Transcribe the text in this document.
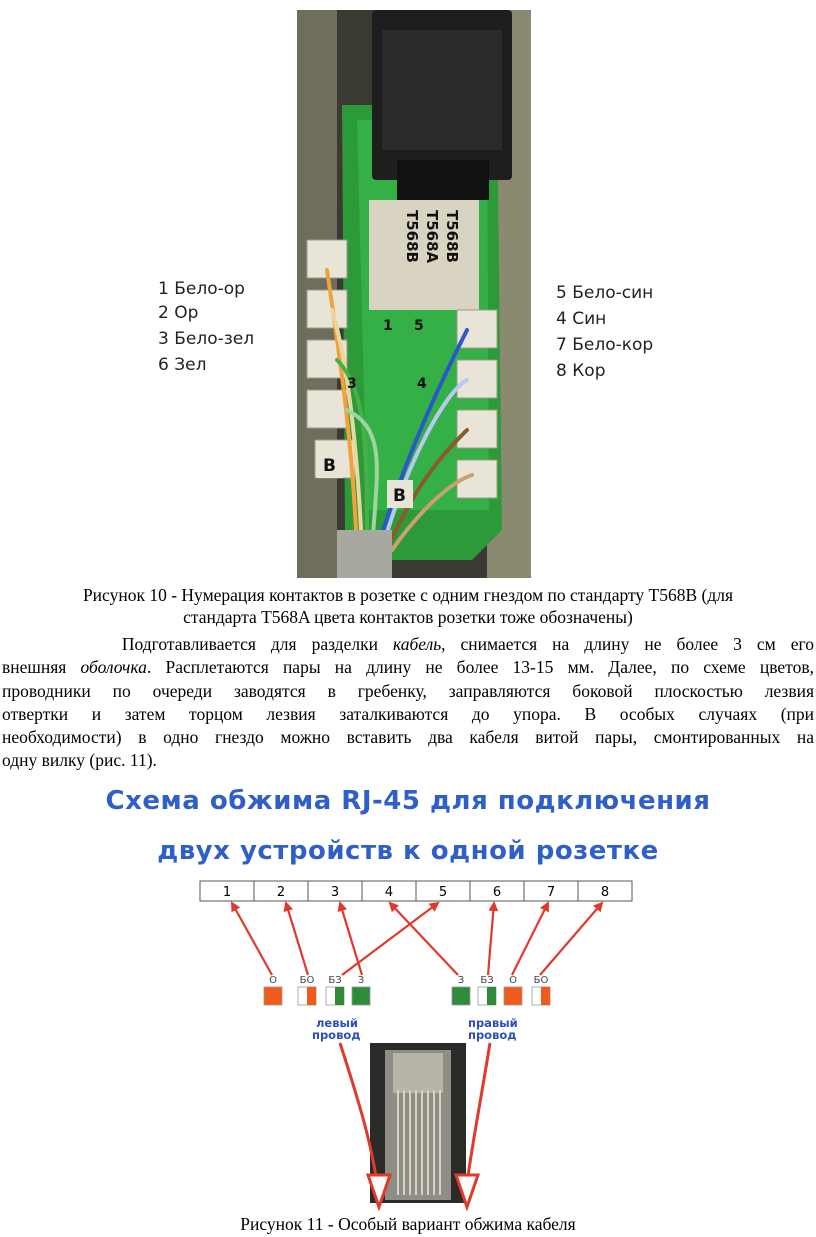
T568B
T568A
T568B
1 5
3	4
B
B
1 Бело-ор
2 Ор
3 Бело-зел
6 Зел
5 Бело-син
4 Син
7 Бело-кор
8 Кор
Рисунок 10 - Нумерация контактов в розетке с одним гнездом по стандарту T568B (для
стандарта T568A цвета контактов розетки тоже обозначены)
Подготавливается для разделки кабель, снимается на длину не более 3 см его
внешняя оболочка. Расплетаются пары на длину не более 13-15 мм. Далее, по схеме цветов,
проводники по очереди заводятся в гребенку, заправляются боковой плоскостью лезвия
отвертки и затем торцом лезвия заталкиваются до упора. В особых случаях (при
необходимости) в одно гнездо можно вставить два кабеля витой пары, смонтированных на
одну вилку (рис. 11).
Схема обжима RJ-45 для подключения
двух устройств к одной розетке
1	2	3	4	5	6	7	8
О БО БЗ З	З БЗ О БО
левый
провод
правый
провод
Рисунок 11 - Особый вариант обжима кабеля
